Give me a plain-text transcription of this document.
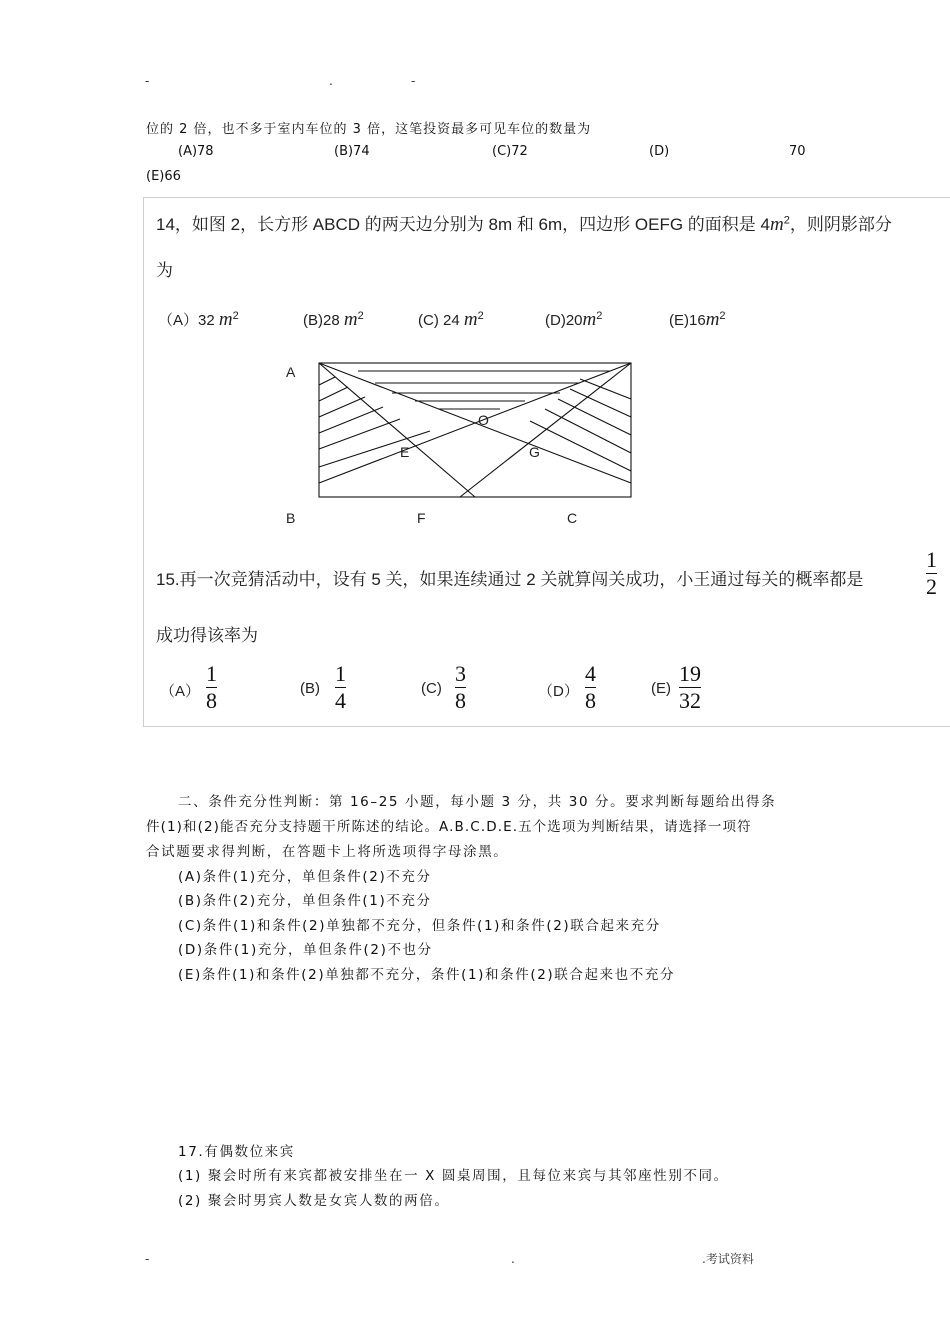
-	.	-
位的 2 倍，也不多于室内车位的 3 倍，这笔投资最多可见车位的数量为
(A)78	(B)74	(C)72	(D)	70
(E)66
14，如图 2，长方形 ABCD 的两天边分别为 8m 和 6m，四边形 OEFG 的面积是 $4m^2$，则阴影部分
为
（A）32 $m^2$	(B)28 $m^2$	(C) 24 $m^2$	$(D)20m^2$	$(E)16m^2$
A
B	F	C
O
E	G
15.再一次竞猜活动中，设有 5 关，如果连续通过 2 关就算闯关成功，小王通过每关的概率都是
1
2
成功得该率为
（A）
1
8	(B)
1
4	(C)
3
8	（D）
4
8	(E)
19
32
二、条件充分性判断：第 16–25 小题，每小题 3 分，共 30 分。要求判断每题给出得条
件(1)和(2)能否充分支持题干所陈述的结论。A.B.C.D.E.五个选项为判断结果，请选择一项符
合试题要求得判断，在答题卡上将所选项得字母涂黑。
(A)条件(1)充分，单但条件(2)不充分
(B)条件(2)充分，单但条件(1)不充分
(C)条件(1)和条件(2)单独都不充分，但条件(1)和条件(2)联合起来充分
(D)条件(1)充分，单但条件(2)不也分
(E)条件(1)和条件(2)单独都不充分，条件(1)和条件(2)联合起来也不充分
17.有偶数位来宾
(1) 聚会时所有来宾都被安排坐在一 X 圆桌周围，且每位来宾与其邻座性别不同。
(2) 聚会时男宾人数是女宾人数的两倍。
-	.	.考试资料
